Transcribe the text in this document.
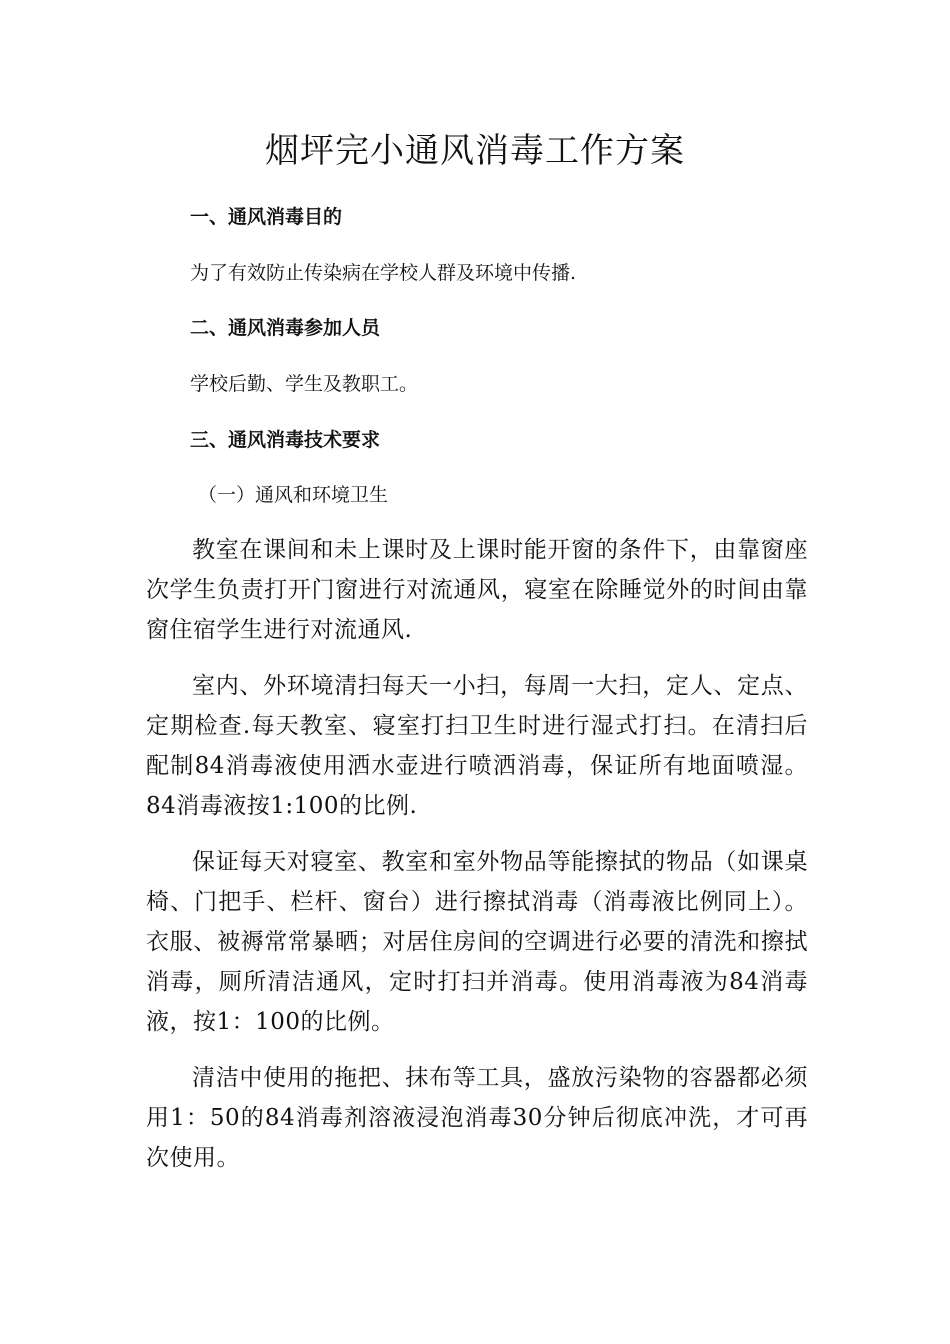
烟坪完小通风消毒工作方案

一、通风消毒目的

为了有效防止传染病在学校人群及环境中传播.

二、通风消毒参加人员

学校后勤、学生及教职工。

三、通风消毒技术要求

（一）通风和环境卫生

教室在课间和未上课时及上课时能开窗的条件下，由靠窗座次学生负责打开门窗进行对流通风，寝室在除睡觉外的时间由靠窗住宿学生进行对流通风.

室内、外环境清扫每天一小扫，每周一大扫，定人、定点、定期检查.每天教室、寝室打扫卫生时进行湿式打扫。在清扫后配制84消毒液使用洒水壶进行喷洒消毒，保证所有地面喷湿。84消毒液按1:100的比例.

保证每天对寝室、教室和室外物品等能擦拭的物品（如课桌椅、门把手、栏杆、窗台）进行擦拭消毒（消毒液比例同上）。衣服、被褥常常暴晒；对居住房间的空调进行必要的清洗和擦拭消毒，厕所清洁通风，定时打扫并消毒。使用消毒液为84消毒液，按1：100的比例。

清洁中使用的拖把、抹布等工具，盛放污染物的容器都必须用1：50的84消毒剂溶液浸泡消毒30分钟后彻底冲洗，才可再次使用。
